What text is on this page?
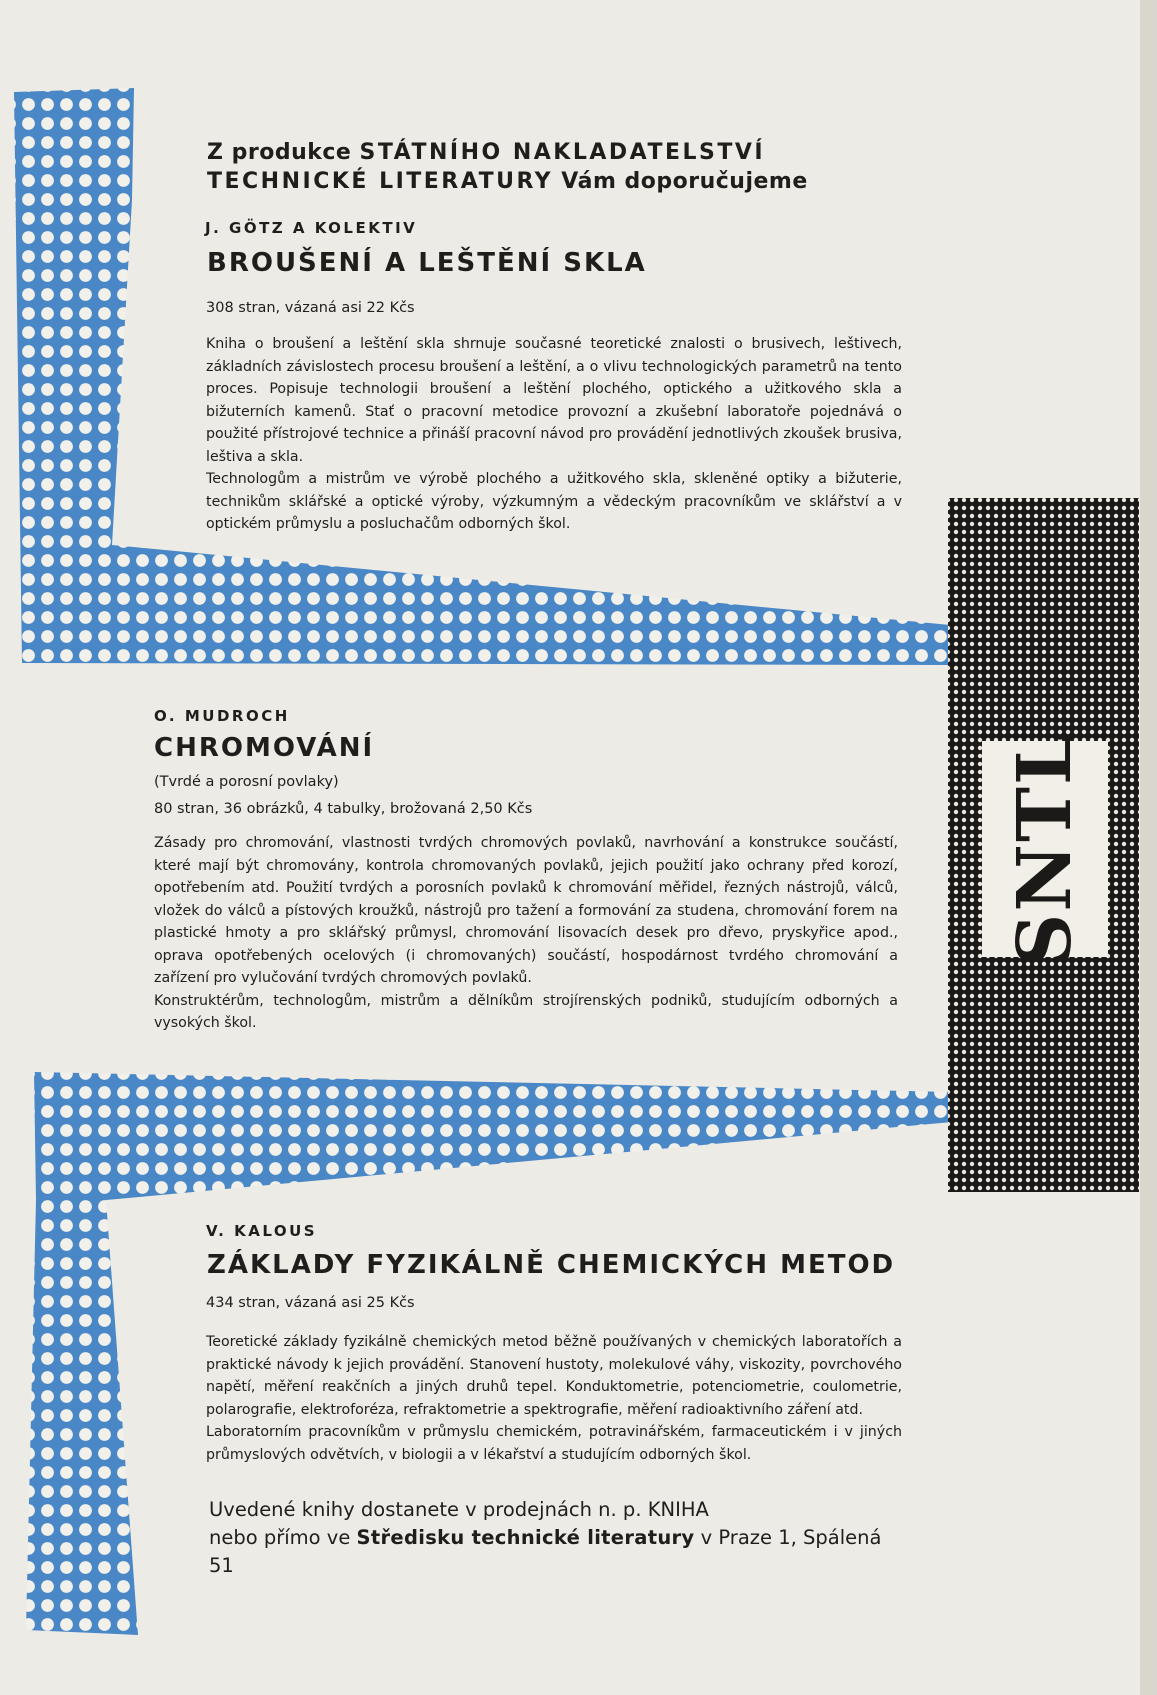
Z produkce STÁTNÍHO NAKLADATELSTVÍ
TECHNICKÉ LITERATURY Vám doporučujeme
J. GÖTZ A KOLEKTIV
BROUŠENÍ A LEŠTĚNÍ SKLA
308 stran, vázaná asi 22 Kčs

Kniha o broušení a leštění skla shrnuje současné teoretické znalosti o brusivech, leštivech, základních závislostech procesu broušení a leštění, a o vlivu technologických parametrů na tento proces. Popisuje technologii broušení a leštění plochého, optického a užitkového skla a bižuterních kamenů. Stať o pracovní metodice provozní a zkušební laboratoře pojednává o použité přístrojové technice a přináší pracovní návod pro provádění jednotlivých zkoušek brusiva, leštiva a skla.

Technologům a mistrům ve výrobě plochého a užitkového skla, skleněné optiky a bižuterie, technikům sklářské a optické výroby, výzkumným a vědeckým pracovníkům ve sklářství a v optickém průmyslu a posluchačům odborných škol.

O. MUDROCH
CHROMOVÁNÍ
(Tvrdé a porosní povlaky)
80 stran, 36 obrázků, 4 tabulky, brožovaná 2,50 Kčs

Zásady pro chromování, vlastnosti tvrdých chromových povlaků, navrhování a konstrukce součástí, které mají být chromovány, kontrola chromovaných povlaků, jejich použití jako ochrany před korozí, opotřebením atd. Použití tvrdých a porosních povlaků k chromování měřidel, řezných nástrojů, válců, vložek do válců a pístových kroužků, nástrojů pro tažení a formování za studena, chromování forem na plastické hmoty a pro sklářský průmysl, chromování lisovacích desek pro dřevo, pryskyřice apod., oprava opotřebených ocelových (i chromovaných) součástí, hospodárnost tvrdého chromování a zařízení pro vylučování tvrdých chromových povlaků.

Konstruktérům, technologům, mistrům a dělníkům strojírenských podniků, studujícím odborných a vysokých škol.

V. KALOUS
ZÁKLADY FYZIKÁLNĚ CHEMICKÝCH METOD
434 stran, vázaná asi 25 Kčs

Teoretické základy fyzikálně chemických metod běžně používaných v chemických laboratořích a praktické návody k jejich provádění. Stanovení hustoty, molekulové váhy, viskozity, povrchového napětí, měření reakčních a jiných druhů tepel. Konduktometrie, potenciometrie, coulometrie, polarografie, elektroforéza, refraktometrie a spektrografie, měření radioaktivního záření atd.

Laboratorním pracovníkům v průmyslu chemickém, potravinářském, farmaceutickém i v jiných průmyslových odvětvích, v biologii a v lékařství a studujícím odborných škol.

Uvedené knihy dostanete v prodejnách n. p. KNIHA
nebo přímo ve Středisku technické literatury v Praze 1, Spálená 51
SNTL
